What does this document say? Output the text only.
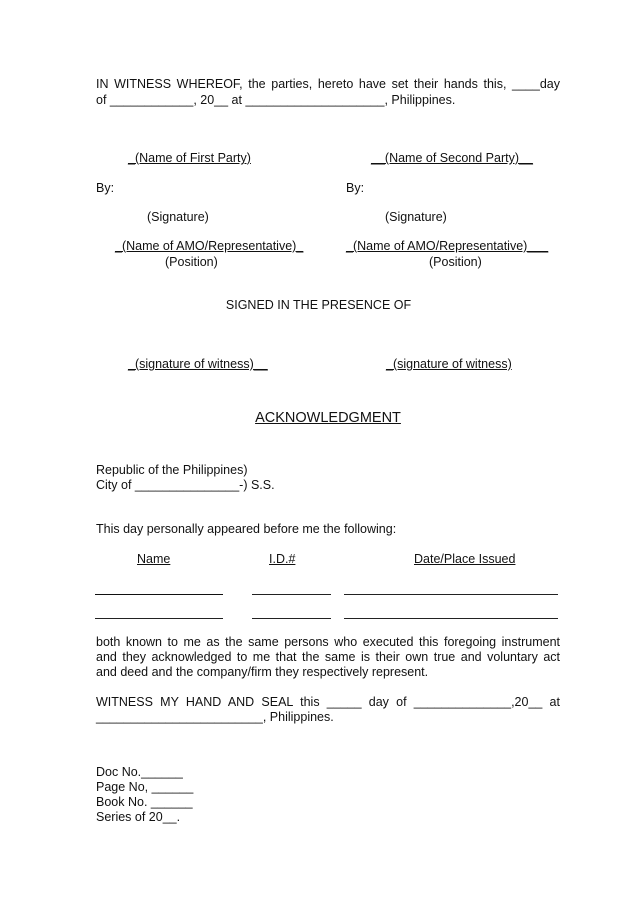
IN WITNESS WHEREOF, the parties, hereto have set their hands this, ____day
of ____________, 20__ at ____________________, Philippines.
_(Name of First Party)	__(Name of Second Party)__
By:	By:
(Signature)	(Signature)
_(Name of AMO/Representative)_	_(Name of AMO/Representative)___
(Position)	(Position)
SIGNED IN THE PRESENCE OF
_(signature of witness)__	_(signature of witness)
ACKNOWLEDGMENT
Republic of the Philippines)
City of _______________-) S.S.
This day personally appeared before me the following:
Name	I.D.#	Date/Place Issued
both known to me as the same persons who executed this foregoing instrument
and they acknowledged to me that the same is their own true and voluntary act
and deed and the company/firm they respectively represent.
WITNESS MY HAND AND SEAL this _____ day of ______________,20__ at
________________________, Philippines.
Doc No.______
Page No, ______
Book No. ______
Series of 20__.
